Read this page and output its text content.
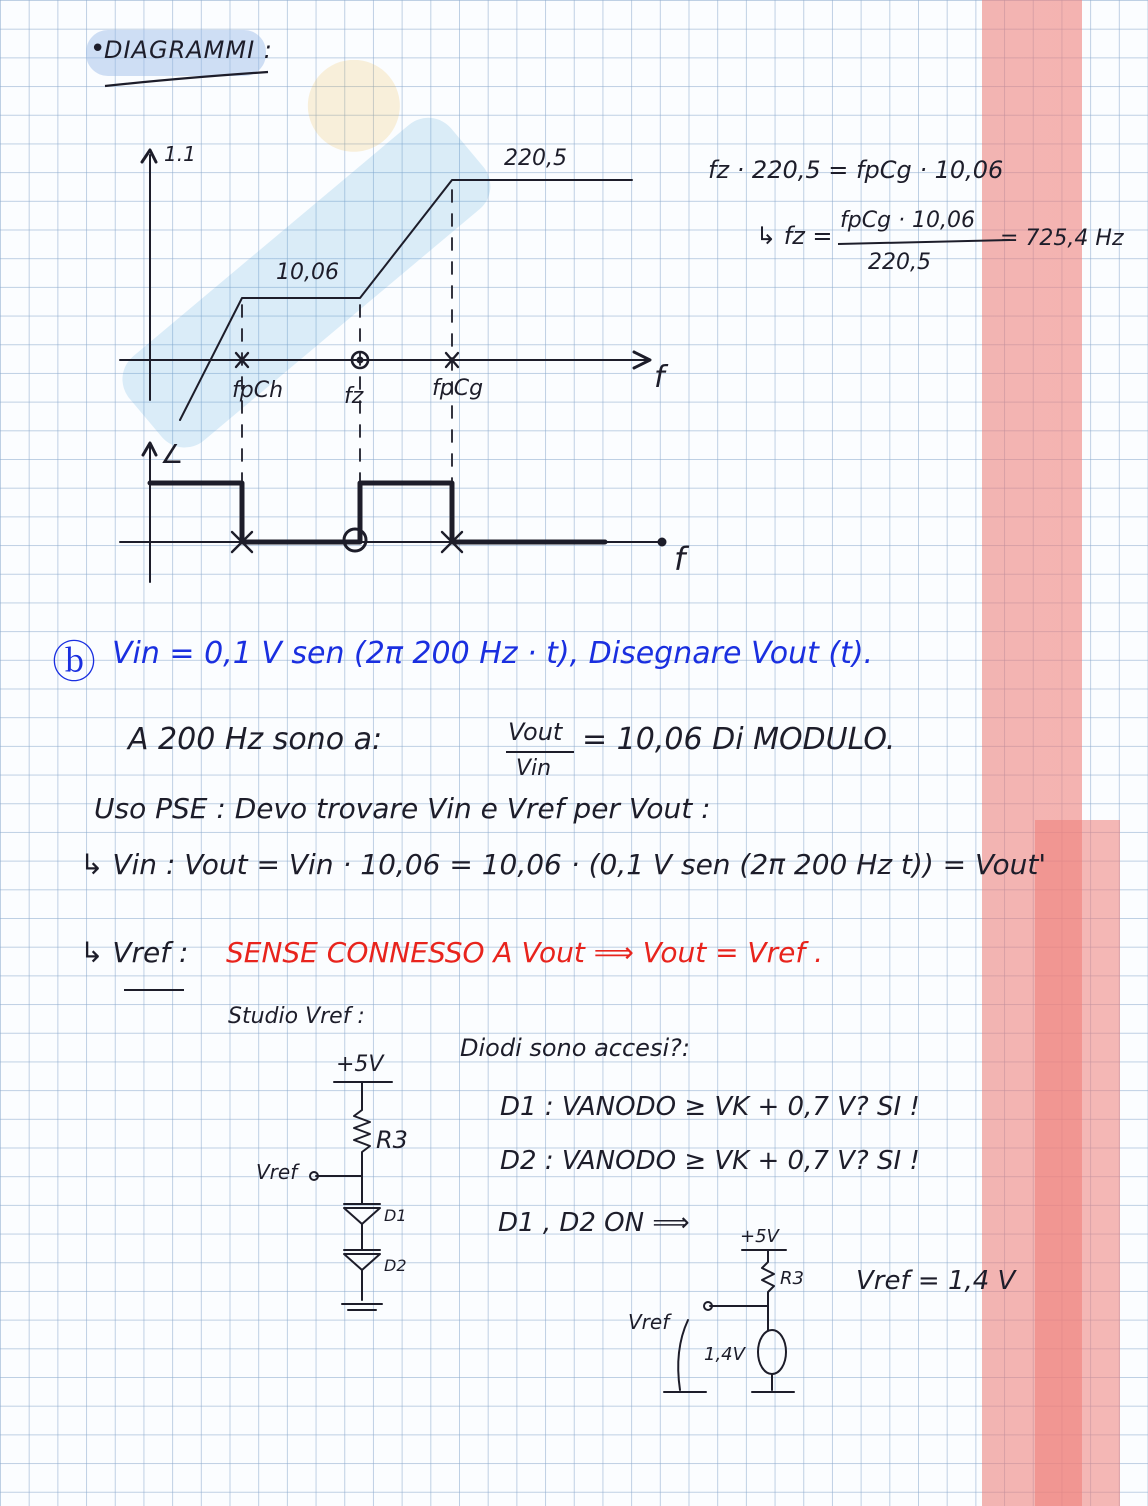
•
DIAGRAMMI :
1.1	220,5
10,06
f
fpCh	fz	fpCg
∠
f
fz · 220,5 = fpCg · 10,06
↳ fz =
fpCg · 10,06
220,5
= 725,4 Hz
ⓑ Vin = 0,1 V sen (2π 200 Hz · t), Disegnare Vout (t).
A 200 Hz sono a:	Vout
Vin
= 10,06 Di MODULO.
Uso PSE : Devo trovare Vin e Vref per Vout :
↳ Vin : Vout = Vin · 10,06 = 10,06 · (0,1 V sen (2π 200 Hz t)) = Vout'
↳ Vref : SENSE CONNESSO A Vout ⟹ Vout = Vref .
Studio Vref :
Diodi sono accesi?:
D1 : VANODO ≥ VK + 0,7 V? SI !
D2 : VANODO ≥ VK + 0,7 V? SI !
D1 , D2 ON ⟹
+5V
R3
Vref
D1
D2
+5V
R3
Vref
1,4V
Vref = 1,4 V
